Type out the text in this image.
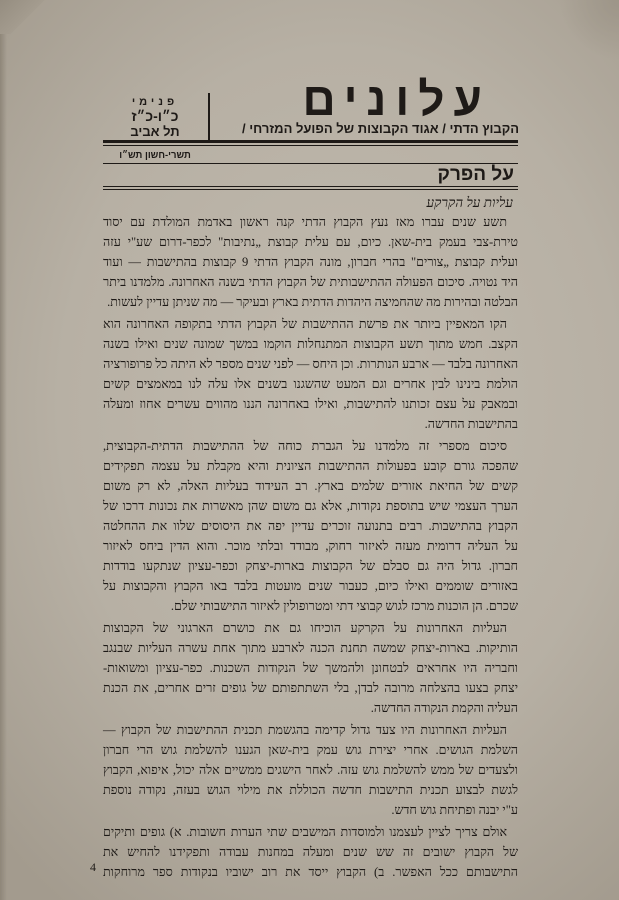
עלונים
הקבוץ הדתי / אגוד הקבוצות של הפועל המזרחי /
פנימי
כ״ו-כ״ז
תל אביב
תשרי-חשון תש״ו
על הפרק
עליות על הקרקע
תשע שנים עברו מאז נעץ הקבוץ הדתי קנה ראשון באדמת המולדת עם יסוד
טירת-צבי בעמק בית-שאן. כיום, עם עלית קבוצת „נתיבות" לכפר-דרום שע"י עזה
ועלית קבוצת „צורים" בהרי חברון, מונה הקבוץ הדתי 9 קבוצות בהתישבות — ועוד
היד נטויה. סיכום הפעולה ההתישבותית של הקבוץ הדתי בשנה האחרונה. מלמדנו ביתר
הבלטה ובהירות מה שהחמיצה היהדות הדתית בארץ ובעיקר — מה שניתן עדיין לעשות.
הקו המאפיין ביותר את פרשת ההתישבות של הקבוץ הדתי בתקופה האחרונה הוא
הקצב. חמש מתוך תשע הקבוצות המתנחלות הוקמו במשך שמונה שנים ואילו בשנה
האחרונה בלבד — ארבע הנותרות. וכן היחס — לפני שנים מספר לא היתה כל פרופורציה
הולמת בינינו לבין אחרים וגם המעט שהשגנו בשנים אלו עלה לנו במאמצים קשים
ובמאבק על עצם זכותנו להתישבות, ואילו באחרונה הננו מהווים עשרים אחוז ומעלה
בהתישבות החדשה.
סיכום מספרי זה מלמדנו על הגברת כוחה של ההתישבות הדתית-הקבוצית,
שהפכה גורם קובע בפעולות ההתישבות הציונית והיא מקבלת על עצמה תפקידים
קשים של החיאת אזורים שלמים בארץ. רב העידוד בעליות האלה, לא רק משום
הערך העצמי שיש בתוספת נקודות, אלא גם משום שהן מאשרות את נכונות דרכו של
הקבוץ בהתישבות. רבים בתנועה זוכרים עדיין יפה את היסוסים שלוו את ההחלטה
על העליה דרומית מעזה לאיזור רחוק, מבודד ובלתי מוכר. והוא הדין ביחס לאיזור
חברון. גדול היה גם סבלם של הקבוצות בארות-יצחק וכפר-עציון שנתקעו בודדות
באזורים שוממים ואילו כיום, כעבור שנים מועטות בלבד באו הקבוץ והקבוצות על
שכרם. הן הוכנות מרכז לגוש קבוצי דתי ומטרופולין לאיזור התישבותי שלם.
העליות האחרונות על הקרקע הוכיחו גם את כושרם הארגוני של הקבוצות
הותיקות. בארות-יצחק שמשה תחנת הכנה לארבע מתוך אחת עשרה העליות שבנגב
וחבריה היו אחראים לבטחונן ולהמשך של הנקודות השכנות. כפר-עציון ומשואות-
יצחק בצעו בהצלחה מרובה לבדן, בלי השתתפותם של גופים זרים אחרים, את הכנת
העליה והקמת הנקודה החדשה.
העליות האחרונות היו צעד גדול קדימה בהגשמת תכנית ההתישבות של הקבוץ —
השלמת הגושים. אחרי יצירת גוש עמק בית-שאן הגענו להשלמת גוש הרי חברון
ולצעדים של ממש להשלמת גוש עזה. לאחר הישגים ממשיים אלה יכול, איפוא, הקבוץ
לגשת לבצוע תכנית התישבות חדשה הכוללת את מילוי הגוש בעזה, נקודה נוספת
ע"י יבנה ופתיחת גוש חדש.
אולם צריך לציין לעצמנו ולמוסדות המישבים שתי הערות חשובות. א) גופים ותיקים
של הקבוץ ישובים זה שש שנים ומעלה במחנות עבודה ותפקידנו להחיש את
התישבותם ככל האפשר. ב) הקבוץ ייסד את רוב ישוביו בנקודות ספר מרוחקות
4
